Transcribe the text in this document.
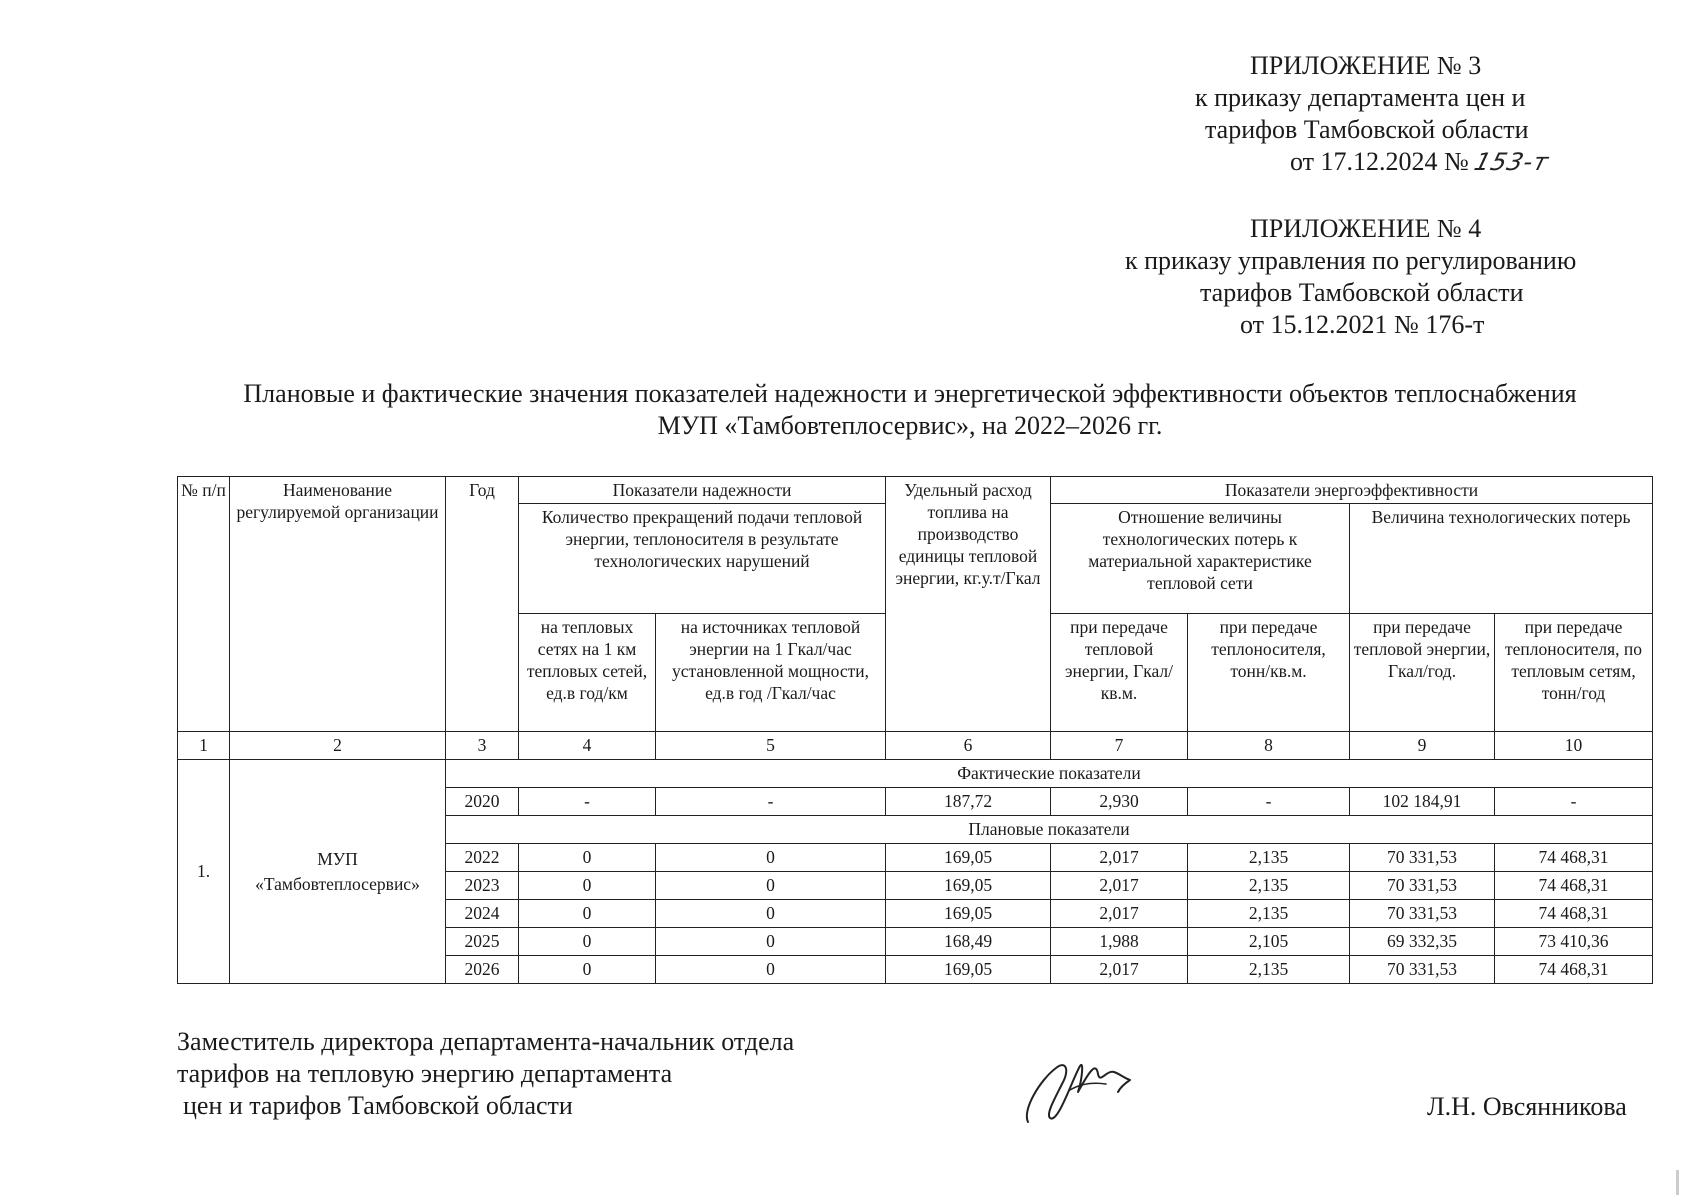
ПРИЛОЖЕНИЕ № 3
к приказу департамента цен и
тарифов Тамбовской области
от 17.12.2024 №153-т
ПРИЛОЖЕНИЕ № 4
к приказу управления по регулированию
тарифов Тамбовской области
от 15.12.2021 № 176-т
Плановые и фактические значения показателей надежности и энергетической эффективности объектов теплоснабжения
МУП «Тамбовтеплосервис», на 2022–2026 гг.
№ п/п	Наименование регулируемой организации	Год	Показатели надежности		Удельный расход топлива на производство единицы тепловой энергии, кг.у.т/Гкал	Показатели энергоэффективности			
			Количество прекращений подачи тепловой энергии, теплоносителя в результате технологических нарушений			Отношение величины технологических потерь к материальной характеристике тепловой сети		Величина технологических потерь	
			на тепловых сетях на 1 км тепловых сетей, ед.в год/км	на источниках тепловой энергии на 1 Гкал/час установленной мощности, ед.в год /Гкал/час		при передаче тепловой энергии, Гкал/кв.м.	при передаче теплоносителя, тонн/кв.м.	при передаче тепловой энергии, Гкал/год.	при передаче теплоносителя, по тепловым сетям, тонн/год
1	2	3	4	5	6	7	8	9	10
1.	МУП «Тамбовтеплосервис»	Фактические показатели							
		2020	-	-	187,72	2,930	-	102 184,91	-
		Плановые показатели							
		2022	0	0	169,05	2,017	2,135	70 331,53	74 468,31
		2023	0	0	169,05	2,017	2,135	70 331,53	74 468,31
		2024	0	0	169,05	2,017	2,135	70 331,53	74 468,31
		2025	0	0	168,49	1,988	2,105	69 332,35	73 410,36
		2026	0	0	169,05	2,017	2,135	70 331,53	74 468,31
Заместитель директора департамента-начальник отдела
тарифов на тепловую энергию департамента
цен и тарифов Тамбовской области	Л.Н. Овсянникова
